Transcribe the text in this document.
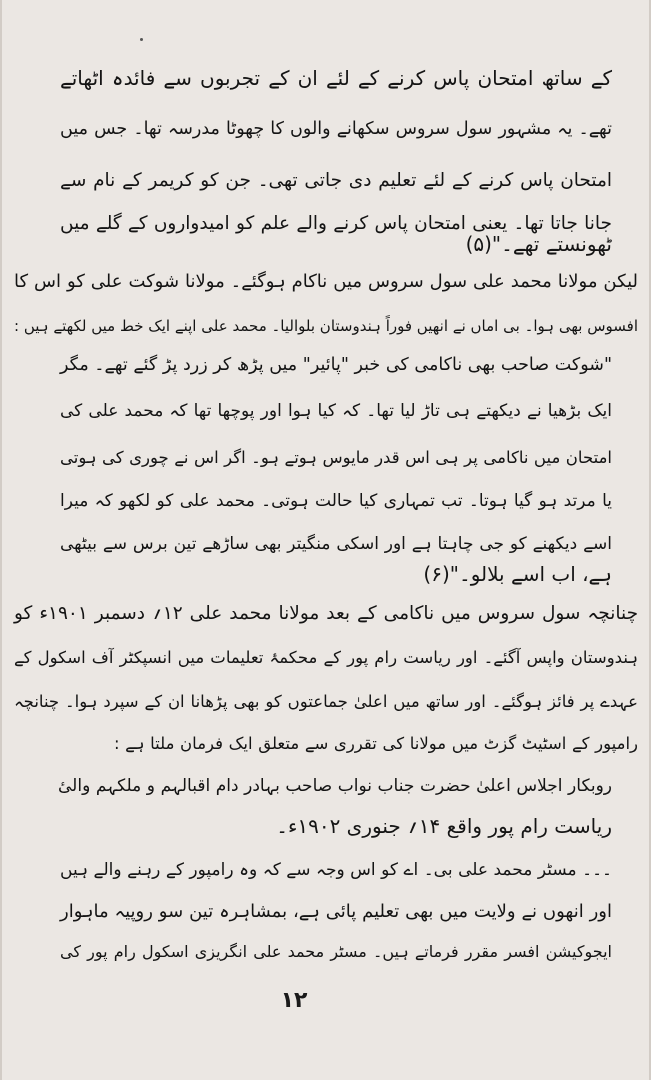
کے ساتھ امتحان پاس کرنے کے لئے ان کے تجربوں سے فائدہ اٹھاتے
تھے۔ یہ مشہور سول سروس سکھانے والوں کا چھوٹا مدرسہ تھا۔ جس میں
امتحان پاس کرنے کے لئے تعلیم دی جاتی تھی۔ جن کو کریمر کے نام سے
جانا جاتا تھا۔ یعنی امتحان پاس کرنے والے علم کو امیدواروں کے گلے میں
ٹھونستے تھے۔"(۵)
لیکن مولانا محمد علی سول سروس میں ناکام ہوگئے۔ مولانا شوکت علی کو اس کا
افسوس بھی ہوا۔ بی اماں نے انھیں فوراً ہندوستان بلوالیا۔ محمد علی اپنے ایک خط میں لکھتے ہیں :
"شوکت صاحب بھی ناکامی کی خبر "پائیر" میں پڑھ کر زرد پڑ گئے تھے۔ مگر
ایک بڑھیا نے دیکھتے ہی تاڑ لیا تھا۔ کہ کیا ہوا اور پوچھا تھا کہ محمد علی کی
امتحان میں ناکامی پر ہی اس قدر مایوس ہوتے ہو۔ اگر اس نے چوری کی ہوتی
یا مرتد ہو گیا ہوتا۔ تب تمہاری کیا حالت ہوتی۔ محمد علی کو لکھو کہ میرا
اسے دیکھنے کو جی چاہتا ہے اور اسکی منگیتر بھی ساڑھے تین برس سے بیٹھی
ہے، اب اسے بلالو۔"(۶)
چنانچہ سول سروس میں ناکامی کے بعد مولانا محمد علی ۱۲؍ دسمبر ۱۹۰۱ء کو
ہندوستان واپس آگئے۔ اور ریاست رام پور کے محکمۂ تعلیمات میں انسپکٹر آف اسکول کے
عہدے پر فائز ہوگئے۔ اور ساتھ میں اعلیٰ جماعتوں کو بھی پڑھانا ان کے سپرد ہوا۔ چنانچہ
رامپور کے اسٹیٹ گزٹ میں مولانا کی تقرری سے متعلق ایک فرمان ملتا ہے :
روبکار اجلاس اعلیٰ حضرت جناب نواب صاحب بہادر دام اقبالہم و ملکہم والیٔ
ریاست رام پور واقع ۱۴؍ جنوری ۱۹۰۲ء۔
۔۔۔ مسٹر محمد علی بی۔ اے کو اس وجہ سے کہ وہ رامپور کے رہنے والے ہیں
اور انھوں نے ولایت میں بھی تعلیم پائی ہے، بمشاہرہ تین سو روپیہ ماہوار
ایجوکیشن افسر مقرر فرماتے ہیں۔ مسٹر محمد علی انگریزی اسکول رام پور کی
۱۲
